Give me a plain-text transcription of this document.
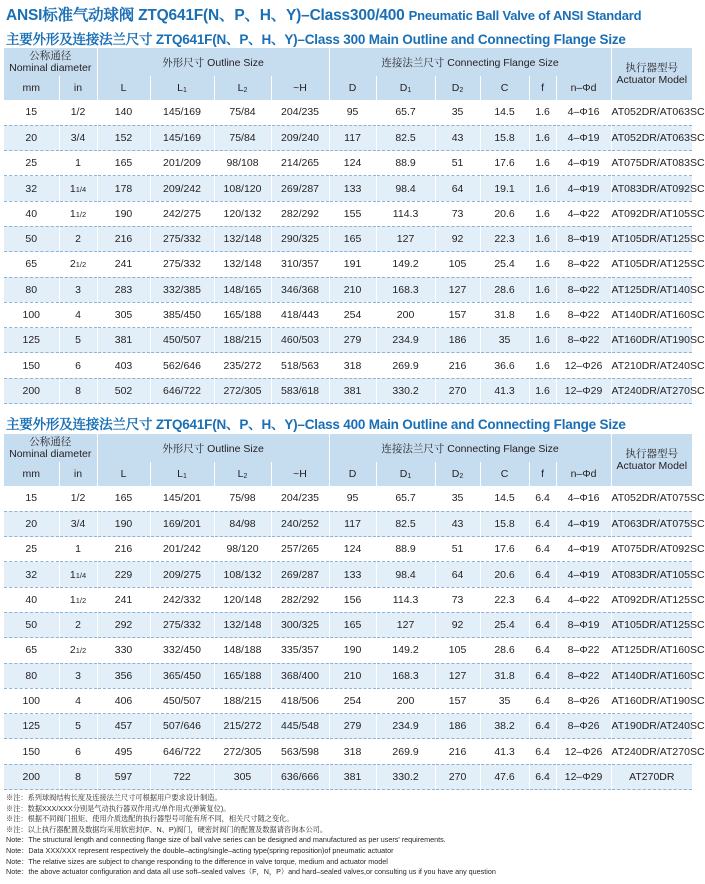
ANSI标准气动球阀 ZTQ641F(N、P、H、Y)–Class300/400 Pneumatic Ball Valve of ANSI Standard
主要外形及连接法兰尺寸 ZTQ641F(N、P、H、Y)–Class 300 Main Outline and Connecting Flange Size
公称通径
Nominal diameter		外形尺寸 Outline Size				连接法兰尺寸 Connecting Flange Size						执行器型号
Actuator Model
mm	in	L	L1	L2	~H	D	D1	D2	C	f	n–Φd	
15	1/2	140	145/169	75/84	204/235	95	65.7	35	14.5	1.6	4–Φ16	AT052DR/AT063SC
20	3/4	152	145/169	75/84	209/240	117	82.5	43	15.8	1.6	4–Φ19	AT052DR/AT063SC
25	1	165	201/209	98/108	214/265	124	88.9	51	17.6	1.6	4–Φ19	AT075DR/AT083SC
32	11/4	178	209/242	108/120	269/287	133	98.4	64	19.1	1.6	4–Φ19	AT083DR/AT092SC
40	11/2	190	242/275	120/132	282/292	155	114.3	73	20.6	1.6	4–Φ22	AT092DR/AT105SC
50	2	216	275/332	132/148	290/325	165	127	92	22.3	1.6	8–Φ19	AT105DR/AT125SC
65	21/2	241	275/332	132/148	310/357	191	149.2	105	25.4	1.6	8–Φ22	AT105DR/AT125SC
80	3	283	332/385	148/165	346/368	210	168.3	127	28.6	1.6	8–Φ22	AT125DR/AT140SC
100	4	305	385/450	165/188	418/443	254	200	157	31.8	1.6	8–Φ22	AT140DR/AT160SC
125	5	381	450/507	188/215	460/503	279	234.9	186	35	1.6	8–Φ22	AT160DR/AT190SC
150	6	403	562/646	235/272	518/563	318	269.9	216	36.6	1.6	12–Φ26	AT210DR/AT240SC
200	8	502	646/722	272/305	583/618	381	330.2	270	41.3	1.6	12–Φ29	AT240DR/AT270SC
主要外形及连接法兰尺寸 ZTQ641F(N、P、H、Y)–Class 400 Main Outline and Connecting Flange Size
公称通径
Nominal diameter		外形尺寸 Outline Size				连接法兰尺寸 Connecting Flange Size						执行器型号
Actuator Model
mm	in	L	L1	L2	~H	D	D1	D2	C	f	n–Φd	
15	1/2	165	145/201	75/98	204/235	95	65.7	35	14.5	6.4	4–Φ16	AT052DR/AT075SC
20	3/4	190	169/201	84/98	240/252	117	82.5	43	15.8	6.4	4–Φ19	AT063DR/AT075SC
25	1	216	201/242	98/120	257/265	124	88.9	51	17.6	6.4	4–Φ19	AT075DR/AT092SC
32	11/4	229	209/275	108/132	269/287	133	98.4	64	20.6	6.4	4–Φ19	AT083DR/AT105SC
40	11/2	241	242/332	120/148	282/292	156	114.3	73	22.3	6.4	4–Φ22	AT092DR/AT125SC
50	2	292	275/332	132/148	300/325	165	127	92	25.4	6.4	8–Φ19	AT105DR/AT125SC
65	21/2	330	332/450	148/188	335/357	190	149.2	105	28.6	6.4	8–Φ22	AT125DR/AT160SC
80	3	356	365/450	165/188	368/400	210	168.3	127	31.8	6.4	8–Φ22	AT140DR/AT160SC
100	4	406	450/507	188/215	418/506	254	200	157	35	6.4	8–Φ26	AT160DR/AT190SC
125	5	457	507/646	215/272	445/548	279	234.9	186	38.2	6.4	8–Φ26	AT190DR/AT240SC
150	6	495	646/722	272/305	563/598	318	269.9	216	41.3	6.4	12–Φ26	AT240DR/AT270SC
200	8	597	722	305	636/666	381	330.2	270	47.6	6.4	12–Φ29	AT270DR
※注：系列球阀结构长度及连接法兰尺寸可根据用户要求设计制造。
※注：数据XXX/XXX分别是气动执行器双作用式/单作用式(弹簧复位)。
※注：根据不同阀门扭矩、使用介质选配的执行器型号可能有所不同，相关尺寸随之变化。
※注：以上执行器配置及数据均采用软密封(F、N、P)阀门，硬密封阀门的配置及数据请咨询本公司。
Note：The structural length and connecting flange size of ball valve series can be designed and manufactured as per users' requirements.
Note：Data XXX/XXX represent respectively the double–acting/single–acting type(spring reposition)of pneumatic actuator
Note：The relative sizes are subject to change responding to the difference in valve torque, medium and actuator model
Note：the above actuator configuration and data all use soft–sealed valves（F，N，P）and hard–sealed valves,or consulting us if you have any question
